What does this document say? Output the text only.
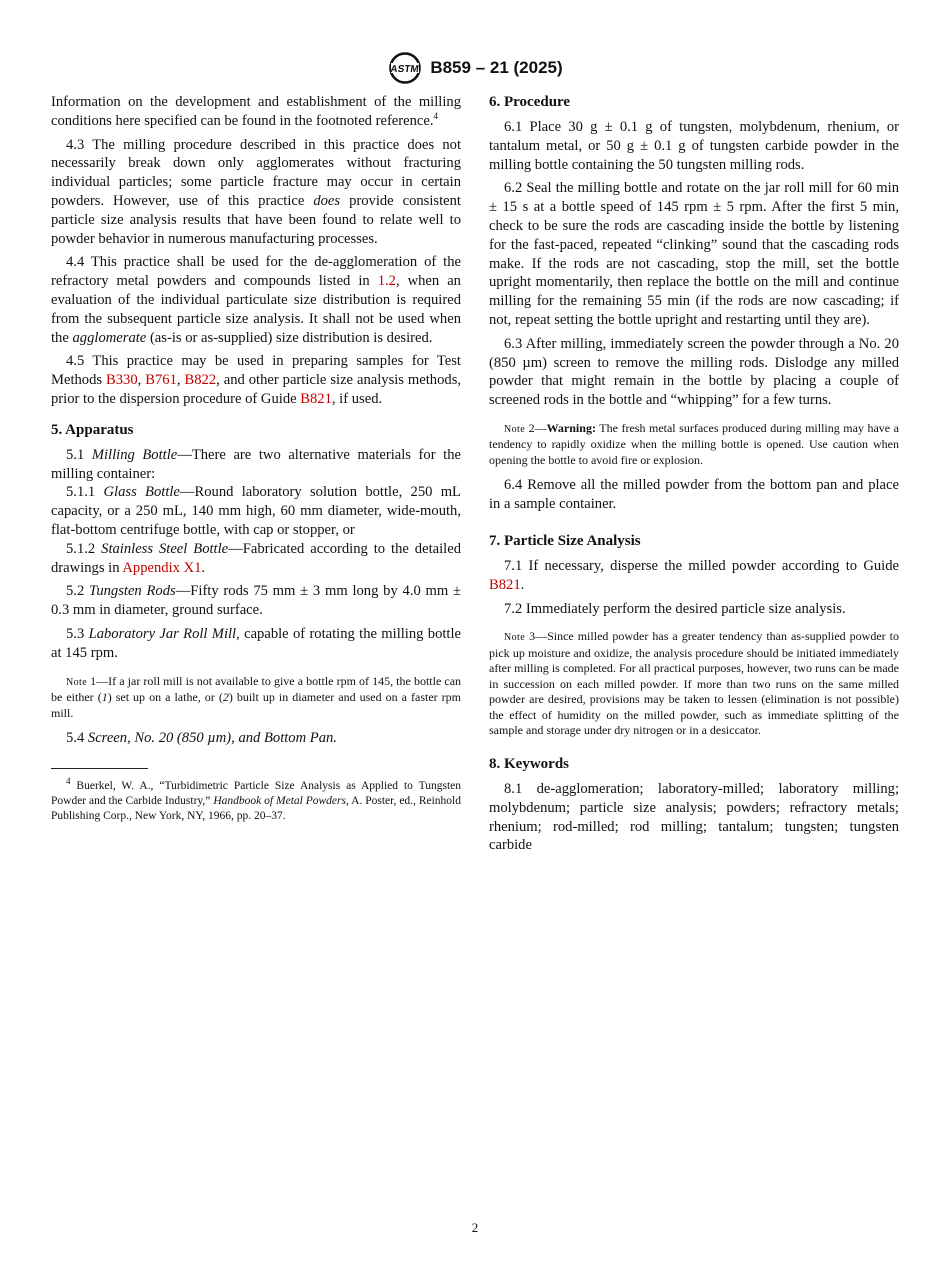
ASTM B859 – 21 (2025)

Information on the development and establishment of the milling conditions here specified can be found in the footnoted reference.$^4$

4.3 The milling procedure described in this practice does not necessarily break down only agglomerates without fracturing individual particles; some particle fracture may occur in certain powders. However, use of this practice does provide consistent particle size analysis results that have been found to relate well to powder behavior in numerous manufacturing processes.

4.4 This practice shall be used for the de-agglomeration of the refractory metal powders and compounds listed in 1.2, when an evaluation of the individual particulate size distribution is required from the subsequent particle size analysis. It shall not be used when the agglomerate (as-is or as-supplied) size distribution is desired.

4.5 This practice may be used in preparing samples for Test Methods B330, B761, B822, and other particle size analysis methods, prior to the dispersion procedure of Guide B821, if used.

5. Apparatus

5.1 Milling Bottle—There are two alternative materials for the milling container:

5.1.1 Glass Bottle—Round laboratory solution bottle, 250 mL capacity, or a 250 mL, 140 mm high, 60 mm diameter, wide-mouth, flat-bottom centrifuge bottle, with cap or stopper, or

5.1.2 Stainless Steel Bottle—Fabricated according to the detailed drawings in Appendix X1.

5.2 Tungsten Rods—Fifty rods 75 mm ± 3 mm long by 4.0 mm ± 0.3 mm in diameter, ground surface.

5.3 Laboratory Jar Roll Mill, capable of rotating the milling bottle at 145 rpm.

Note 1—If a jar roll mill is not available to give a bottle rpm of 145, the bottle can be either (1) set up on a lathe, or (2) built up in diameter and used on a faster rpm mill.

5.4 Screen, No. 20 (850 µm), and Bottom Pan.

$^4$ Buerkel, W. A., “Turbidimetric Particle Size Analysis as Applied to Tungsten Powder and the Carbide Industry,” Handbook of Metal Powders, A. Poster, ed., Reinhold Publishing Corp., New York, NY, 1966, pp. 20–37.

6. Procedure

6.1 Place 30 g ± 0.1 g of tungsten, molybdenum, rhenium, or tantalum metal, or 50 g ± 0.1 g of tungsten carbide powder in the milling bottle containing the 50 tungsten milling rods.

6.2 Seal the milling bottle and rotate on the jar roll mill for 60 min ± 15 s at a bottle speed of 145 rpm ± 5 rpm. After the first 5 min, check to be sure the rods are cascading inside the bottle by listening for the fast-paced, repeated “clinking” sound that the cascading rods make. If the rods are not cascading, stop the mill, set the bottle upright momentarily, then replace the bottle on the mill and continue milling for the remaining 55 min (if the rods are now cascading; if not, repeat setting the bottle upright and restarting until they are).

6.3 After milling, immediately screen the powder through a No. 20 (850 µm) screen to remove the milling rods. Dislodge any milled powder that might remain in the bottle by placing a couple of screened rods in the bottle and “whipping” for a few turns.

Note 2—Warning: The fresh metal surfaces produced during milling may have a tendency to rapidly oxidize when the milling bottle is opened. Use caution when opening the bottle to avoid fire or explosion.

6.4 Remove all the milled powder from the bottom pan and place in a sample container.

7. Particle Size Analysis

7.1 If necessary, disperse the milled powder according to Guide B821.

7.2 Immediately perform the desired particle size analysis.

Note 3—Since milled powder has a greater tendency than as-supplied powder to pick up moisture and oxidize, the analysis procedure should be initiated immediately after milling is completed. For all practical purposes, however, two runs can be made in succession on each milled powder. If more than two runs on the same milled powder are desired, provisions may be taken to lessen (elimination is not possible) the effect of humidity on the milled powder, such as immediate splitting of the sample and storage under dry nitrogen or in a desiccator.

8. Keywords

8.1 de-agglomeration; laboratory-milled; laboratory milling; molybdenum; particle size analysis; powders; refractory metals; rhenium; rod-milled; rod milling; tantalum; tungsten; tungsten carbide

2
